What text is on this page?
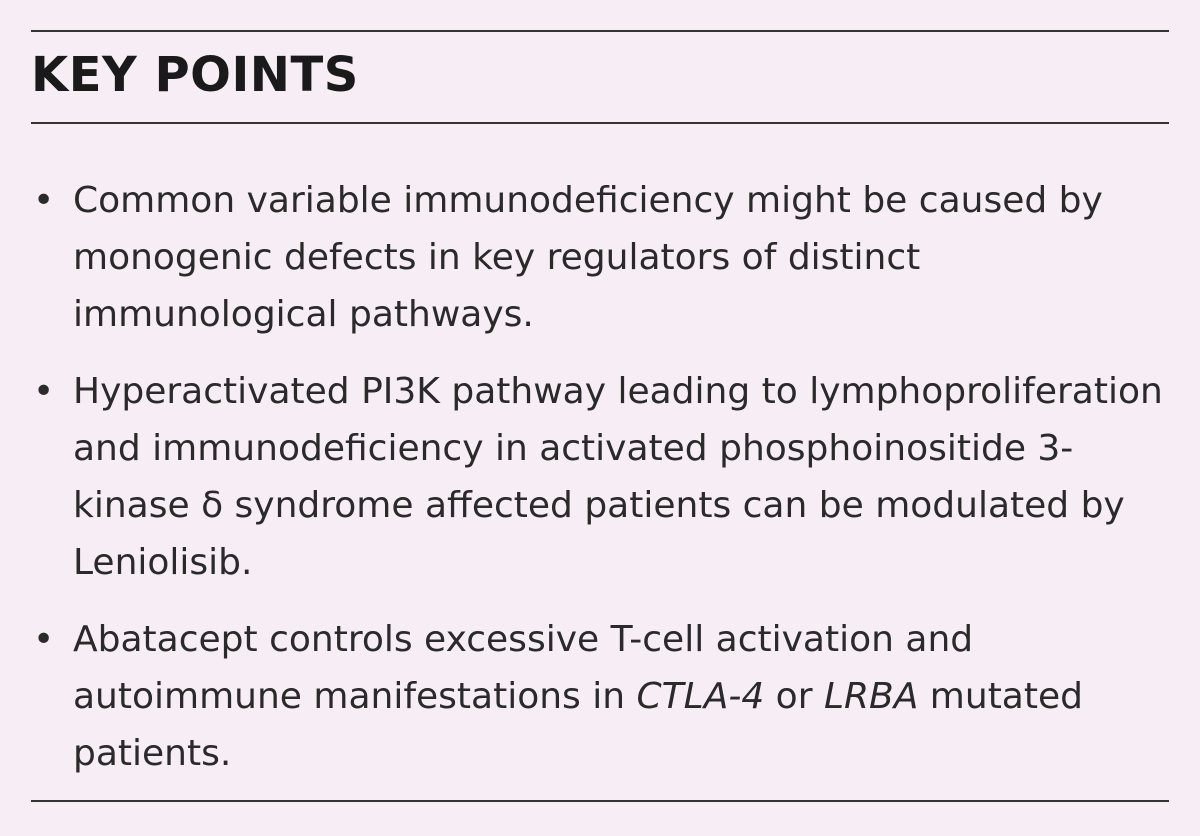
KEY POINTS
• Common variable immunodeficiency might be caused by monogenic defects in key regulators of distinct immunological pathways.
• Hyperactivated PI3K pathway leading to lymphoproliferation and immunodeficiency in activated phosphoinositide 3-kinase δ syndrome affected patients can be modulated by Leniolisib.
• Abatacept controls excessive T-cell activation and autoimmune manifestations in CTLA-4 or LRBA mutated patients.
